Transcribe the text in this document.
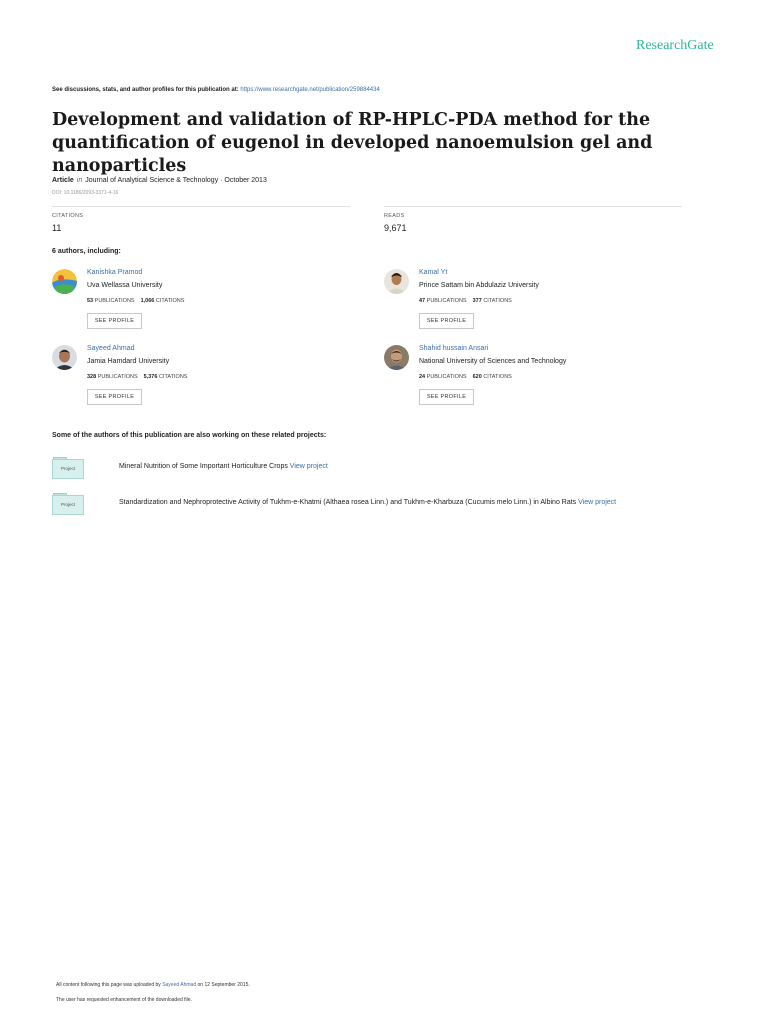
ResearchGate
See discussions, stats, and author profiles for this publication at: https://www.researchgate.net/publication/259884434
Development and validation of RP-HPLC-PDA method for the quantification of eugenol in developed nanoemulsion gel and nanoparticles
Article in Journal of Analytical Science & Technology · October 2013
DOI: 10.1186/2093-3371-4-16
CITATIONS
11
READS
9,671
6 authors, including:
Kanishka Pramod
Uva Wellassa University
53 PUBLICATIONS 1,066 CITATIONS
SEE PROFILE
Kamal Yt
Prince Sattam bin Abdulaziz University
47 PUBLICATIONS 377 CITATIONS
SEE PROFILE
Sayeed Ahmad
Jamia Hamdard University
328 PUBLICATIONS 5,376 CITATIONS
SEE PROFILE
Shahid hussain Ansari
National University of Sciences and Technology
24 PUBLICATIONS 620 CITATIONS
SEE PROFILE
Some of the authors of this publication are also working on these related projects:
Project	Mineral Nutrition of Some Important Horticulture Crops View project
Project	Standardization and Nephroprotective Activity of Tukhm-e-Khatmi (Althaea rosea Linn.) and Tukhm-e-Kharbuza (Cucumis melo Linn.) in Albino Rats View project
All content following this page was uploaded by Sayeed Ahmad on 12 September 2015.
The user has requested enhancement of the downloaded file.
